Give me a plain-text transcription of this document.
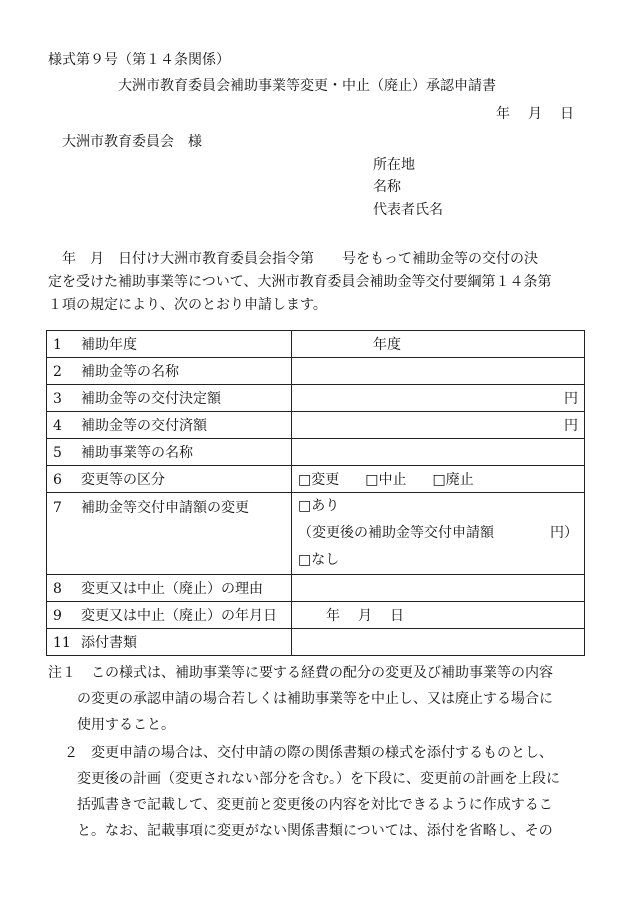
様式第９号（第１４条関係）
大洲市教育委員会補助事業等変更・中止（廃止）承認申請書
年　月　日
大洲市教育委員会　様
所在地
名称
代表者氏名
　年　月　日付け大洲市教育委員会指令第　　号をもって補助金等の交付の決
定を受けた補助事業等について、大洲市教育委員会補助金等交付要綱第１４条第
１項の規定により、次のとおり申請します。
1 補助年度	年度
2 補助金等の名称	
3 補助金等の交付決定額	円
4 補助金等の交付済額	円
5 補助事業等の名称	
6 変更等の区分	□変更 □中止 □廃止
7 補助金等交付申請額の変更	□あり
（変更後の補助金等交付申請額　　　　円）
□なし

8 変更又は中止（廃止）の理由	
9 変更又は中止（廃止）の年月日	年　月　日
11 添付書類	
注１	この様式は、補助事業等に要する経費の配分の変更及び補助事業等の内容
の変更の承認申請の場合若しくは補助事業等を中止し、又は廃止する場合に
使用すること。
２ 変更申請の場合は、交付申請の際の関係書類の様式を添付するものとし、
変更後の計画（変更されない部分を含む。）を下段に、変更前の計画を上段に
括弧書きで記載して、変更前と変更後の内容を対比できるように作成するこ
と。なお、記載事項に変更がない関係書類については、添付を省略し、その
